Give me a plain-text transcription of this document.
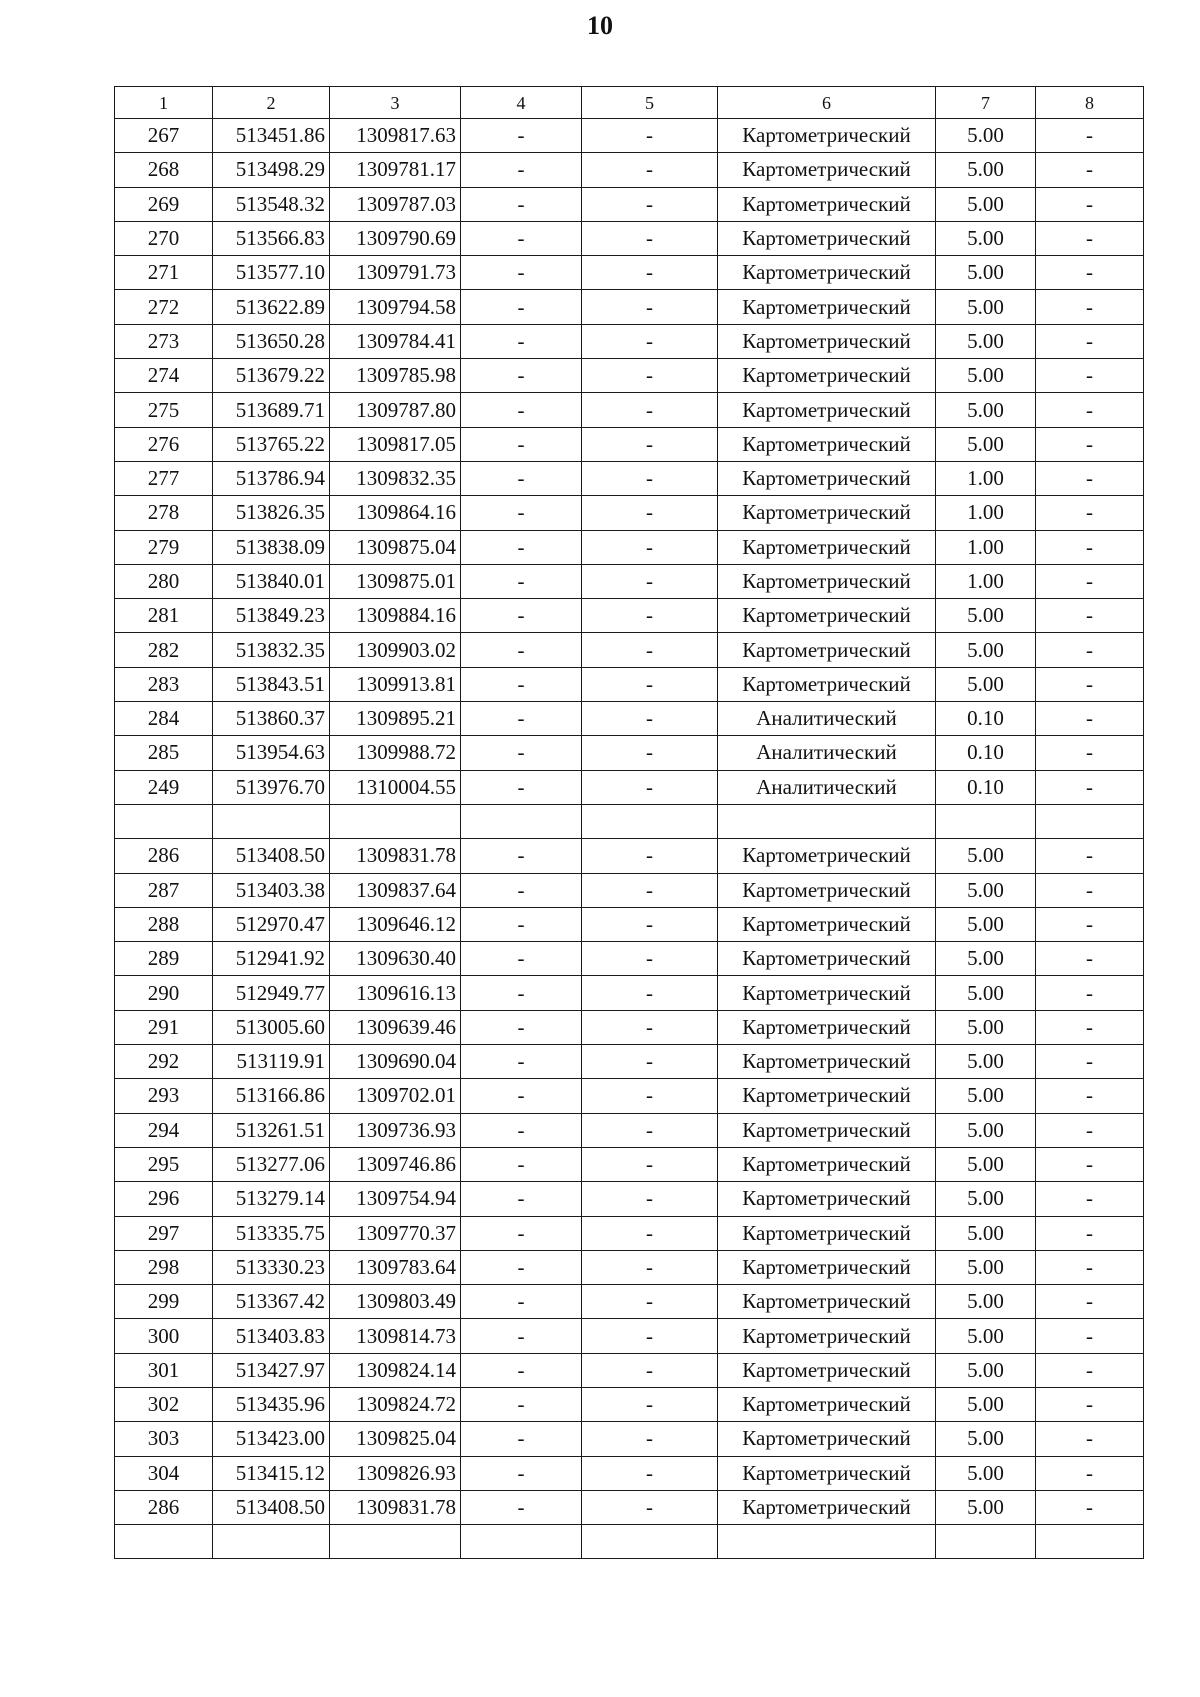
10
1	2	3	4	5	6	7	8
267	513451.86	1309817.63	-	-	Картометрический	5.00	-
268	513498.29	1309781.17	-	-	Картометрический	5.00	-
269	513548.32	1309787.03	-	-	Картометрический	5.00	-
270	513566.83	1309790.69	-	-	Картометрический	5.00	-
271	513577.10	1309791.73	-	-	Картометрический	5.00	-
272	513622.89	1309794.58	-	-	Картометрический	5.00	-
273	513650.28	1309784.41	-	-	Картометрический	5.00	-
274	513679.22	1309785.98	-	-	Картометрический	5.00	-
275	513689.71	1309787.80	-	-	Картометрический	5.00	-
276	513765.22	1309817.05	-	-	Картометрический	5.00	-
277	513786.94	1309832.35	-	-	Картометрический	1.00	-
278	513826.35	1309864.16	-	-	Картометрический	1.00	-
279	513838.09	1309875.04	-	-	Картометрический	1.00	-
280	513840.01	1309875.01	-	-	Картометрический	1.00	-
281	513849.23	1309884.16	-	-	Картометрический	5.00	-
282	513832.35	1309903.02	-	-	Картометрический	5.00	-
283	513843.51	1309913.81	-	-	Картометрический	5.00	-
284	513860.37	1309895.21	-	-	Аналитический	0.10	-
285	513954.63	1309988.72	-	-	Аналитический	0.10	-
249	513976.70	1310004.55	-	-	Аналитический	0.10	-

286	513408.50	1309831.78	-	-	Картометрический	5.00	-
287	513403.38	1309837.64	-	-	Картометрический	5.00	-
288	512970.47	1309646.12	-	-	Картометрический	5.00	-
289	512941.92	1309630.40	-	-	Картометрический	5.00	-
290	512949.77	1309616.13	-	-	Картометрический	5.00	-
291	513005.60	1309639.46	-	-	Картометрический	5.00	-
292	513119.91	1309690.04	-	-	Картометрический	5.00	-
293	513166.86	1309702.01	-	-	Картометрический	5.00	-
294	513261.51	1309736.93	-	-	Картометрический	5.00	-
295	513277.06	1309746.86	-	-	Картометрический	5.00	-
296	513279.14	1309754.94	-	-	Картометрический	5.00	-
297	513335.75	1309770.37	-	-	Картометрический	5.00	-
298	513330.23	1309783.64	-	-	Картометрический	5.00	-
299	513367.42	1309803.49	-	-	Картометрический	5.00	-
300	513403.83	1309814.73	-	-	Картометрический	5.00	-
301	513427.97	1309824.14	-	-	Картометрический	5.00	-
302	513435.96	1309824.72	-	-	Картометрический	5.00	-
303	513423.00	1309825.04	-	-	Картометрический	5.00	-
304	513415.12	1309826.93	-	-	Картометрический	5.00	-
286	513408.50	1309831.78	-	-	Картометрический	5.00	-
